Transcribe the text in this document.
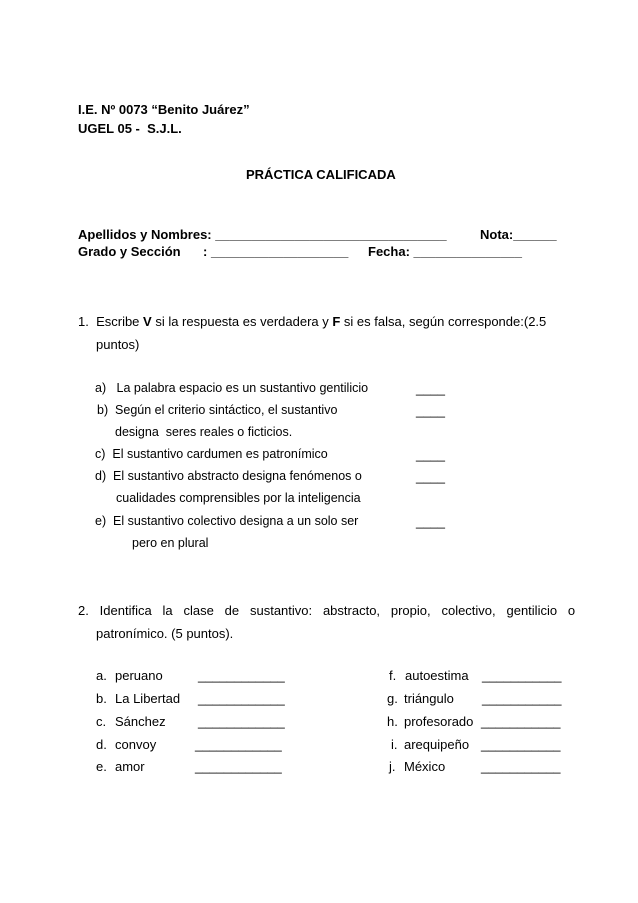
I.E. Nº 0073 “Benito Juárez”
UGEL 05 -  S.J.L.
PRÁCTICA CALIFICADA
Apellidos y Nombres: ________________________________	Nota:______
Grado y Sección : ___________________ Fecha: _______________
1.  Escribe V si la respuesta es verdadera y F si es falsa, según corresponde:(2.5
puntos)
a)   La palabra espacio es un sustantivo gentilicio	____
b)  Según el criterio sintáctico, el sustantivo	____
designa  seres reales o ficticios.
c)  El sustantivo cardumen es patronímico	____
d)  El sustantivo abstracto designa fenómenos o	____
cualidades comprensibles por la inteligencia
e)  El sustantivo colectivo designa a un solo ser	____
pero en plural
2.   Identifica   la   clase   de   sustantivo:   abstracto,   propio,   colectivo,   gentilicio   o
patronímico. (5 puntos).
a. peruano	____________
b. La Libertad ____________
c. Sánchez ____________
d. convoy	____________
e. amor	____________
f. autoestima ___________
g. triángulo ___________
h. profesorado ___________
i. arequipeño ___________
j. México	___________
